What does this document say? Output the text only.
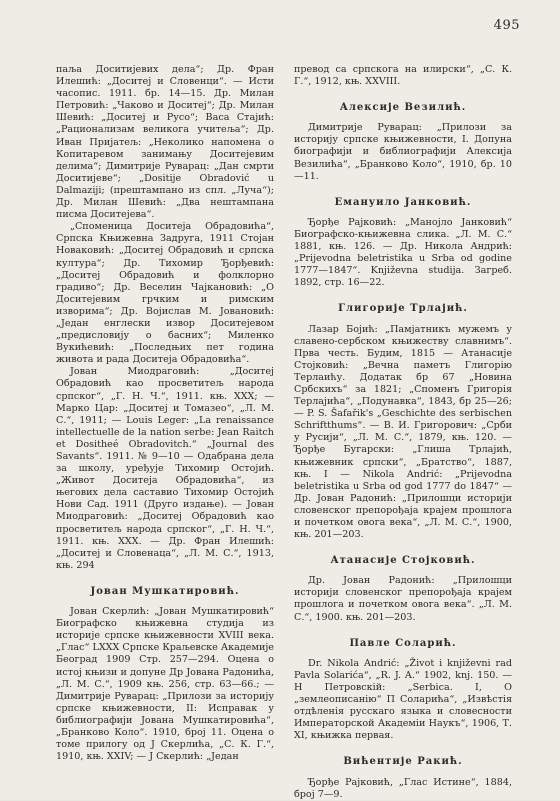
495

паља Доситијевих дела“; Др. Фран Илешић: „Доситеј и Словенци“. — Исти часопис. 1911. бр. 14—15. Др. Милан Петровић: „Чаково и Доситеј“; Др. Милан Шевић: „Доситеј и Русо“; Васа Стајић: „Рационализам великога учитеља“; Др. Иван Пријатељ: „Неколико напомена о Копитаревом занимању Доситејевим делима“; Димитрије Руварац: „Дан смрти Доситијеве“; „Dositije Obradović u Dalmaziji; (прештампано из спл. „Луча“); Др. Милан Шевић: „Два нештампана писма Доситејева“.

„Споменица Доситеја Обрадовића“, Српска Књижевна Задруга, 1911 Стојан Новаковић: „Доситеј Обрадовић и српска култура“; Др. Тихомир Ђорђевић: „Доситеј Обрадовић и фолклорно градиво“; Др. Веселин Чајкановић: „О Доситејевим грчким и римским изворима“; Др. Војислав М. Јовановић: „Један енглески извор Доситејевом „предисловију о басних“; Миленко Вукићевић: „Последњих пет година живота и рада Доситеја Обрадовића“.

Јован Миодраговић: „Доситеј Обрадовић као просветитељ народа српског“, „Г. Н. Ч.“, 1911. књ. XXX; — Марко Цар: „Доситеј и Томазео“, „Л. М. С.“, 1911; — Louis Leger: „La renaissance intellectuelle de la nation serbe: Jean Raitch et Dositheé Obradovitch.“ „Journal des Savants“. 1911. № 9—10 — Одабрана дела за школу, уређује Тихомир Остојић. „Живот Доситеја Обрадовића“, из његових дела саставио Тихомир Остојић Нови Сад. 1911 (Друго издање). — Јован Миодраговић: „Доситеј Обрадовић као просветитељ народа српског“, „Г. Н. Ч.“, 1911. књ. XXX. — Др. Фран Илешић: „Доситеј и Словенаца“, „Л. М. С.“, 1913, књ. 294

Јован Мушкатировић.

Јован Скерлић: „Јован Мушкатировић“ Биографско књижевна студија из историје српске књижевности XVIII века. „Глас“ LXXX Српске Краљевске Академије Београд 1909 Стр. 257—294. Оцена о истој књизи и допуне Др Јована Радонића, „Л. М. С.“, 1909 књ. 256, стр. 63—66.; — Димитрије Руварац: „Прилози за историју српске књижевности, II: Исправак у библиографији Јована Мушкатировића“, „Бранково Коло“. 1910, број 11. Оцена о томе прилогу од Ј Скерлића, „С. К. Г.“, 1910, књ. XXIV; — Ј Скерлић: „Један

превод са српскога на илирски“, „С. К. Г.“, 1912, књ. XXVIII.

Алексије Везилић.

Димитрије Руварац: „Прилози за историју српске књижевности, I. Допуна биографији и библиографији Алексија Везилића“, „Бранково Коло“, 1910, бр. 10—11.

Емануило Јанковић.

Ђорђе Рајковић: „Манојло Јанковић“ Биографско-књижевна слика. „Л. М. С.“ 1881, књ. 126. — Др. Никола Андрић: „Prijevodna beletristika u Srba od godine 1777—1847“. Književna studija. Загреб. 1892, стр. 16—22.

Глигорије Трлајић.

Лазар Бојић: „Памјатникъ мужемъ у славено-сербском књижеству славнимъ“. Прва честь. Будим, 1815 — Атанасије Стојковић: „Вечна паметъ Глигорію Терлаићу. Додатак бр 67 „Новина Србскихъ“ за 1821; „Споменъ Григорія Терлајића“, „Подунавка“, 1843, бр 25—26; — P. S. Šafařik's „Geschichte des serbischen Schriftthums“. — В. И. Григорович: „Срби у Русији“, „Л. М. С.“, 1879, књ. 120. — Ђорђе Бугарски: „Глиша Трлајић, књижевник српски“, „Братство“, 1887, књ. I — Nikola Andrić: „Prijevodna beletristika u Srba od god 1777 do 1847“ — Др. Јован Радонић: „Прилошци историји словенског препорођаја крајем прошлога и почетком овога века“, „Л. М. С.“, 1900, књ. 201—203.

Атанасије Стојковић.

Др. Јован Радонић: „Прилошци историји словенског препорођаја крајем прошлога и почетком овога века“. „Л. М. С.“, 1900. књ. 201—203.

Павле Соларић.

Dr. Nikola Andrić: „Život i književni rad Pavla Solarića“, „R. J. A.“ 1902, knj. 150. — Н Петровскій: „Serbica. I, О „землеописанію“ П Соларића“, „Извѣстія отдѣленія русскаго языка и словесности Императорской Академіи Наукъ“, 1906, Т. XI, књижка первая.

Вићентије Ракић.

Ђорђе Рајковић, „Глас Истине“, 1884, број 7—9.
